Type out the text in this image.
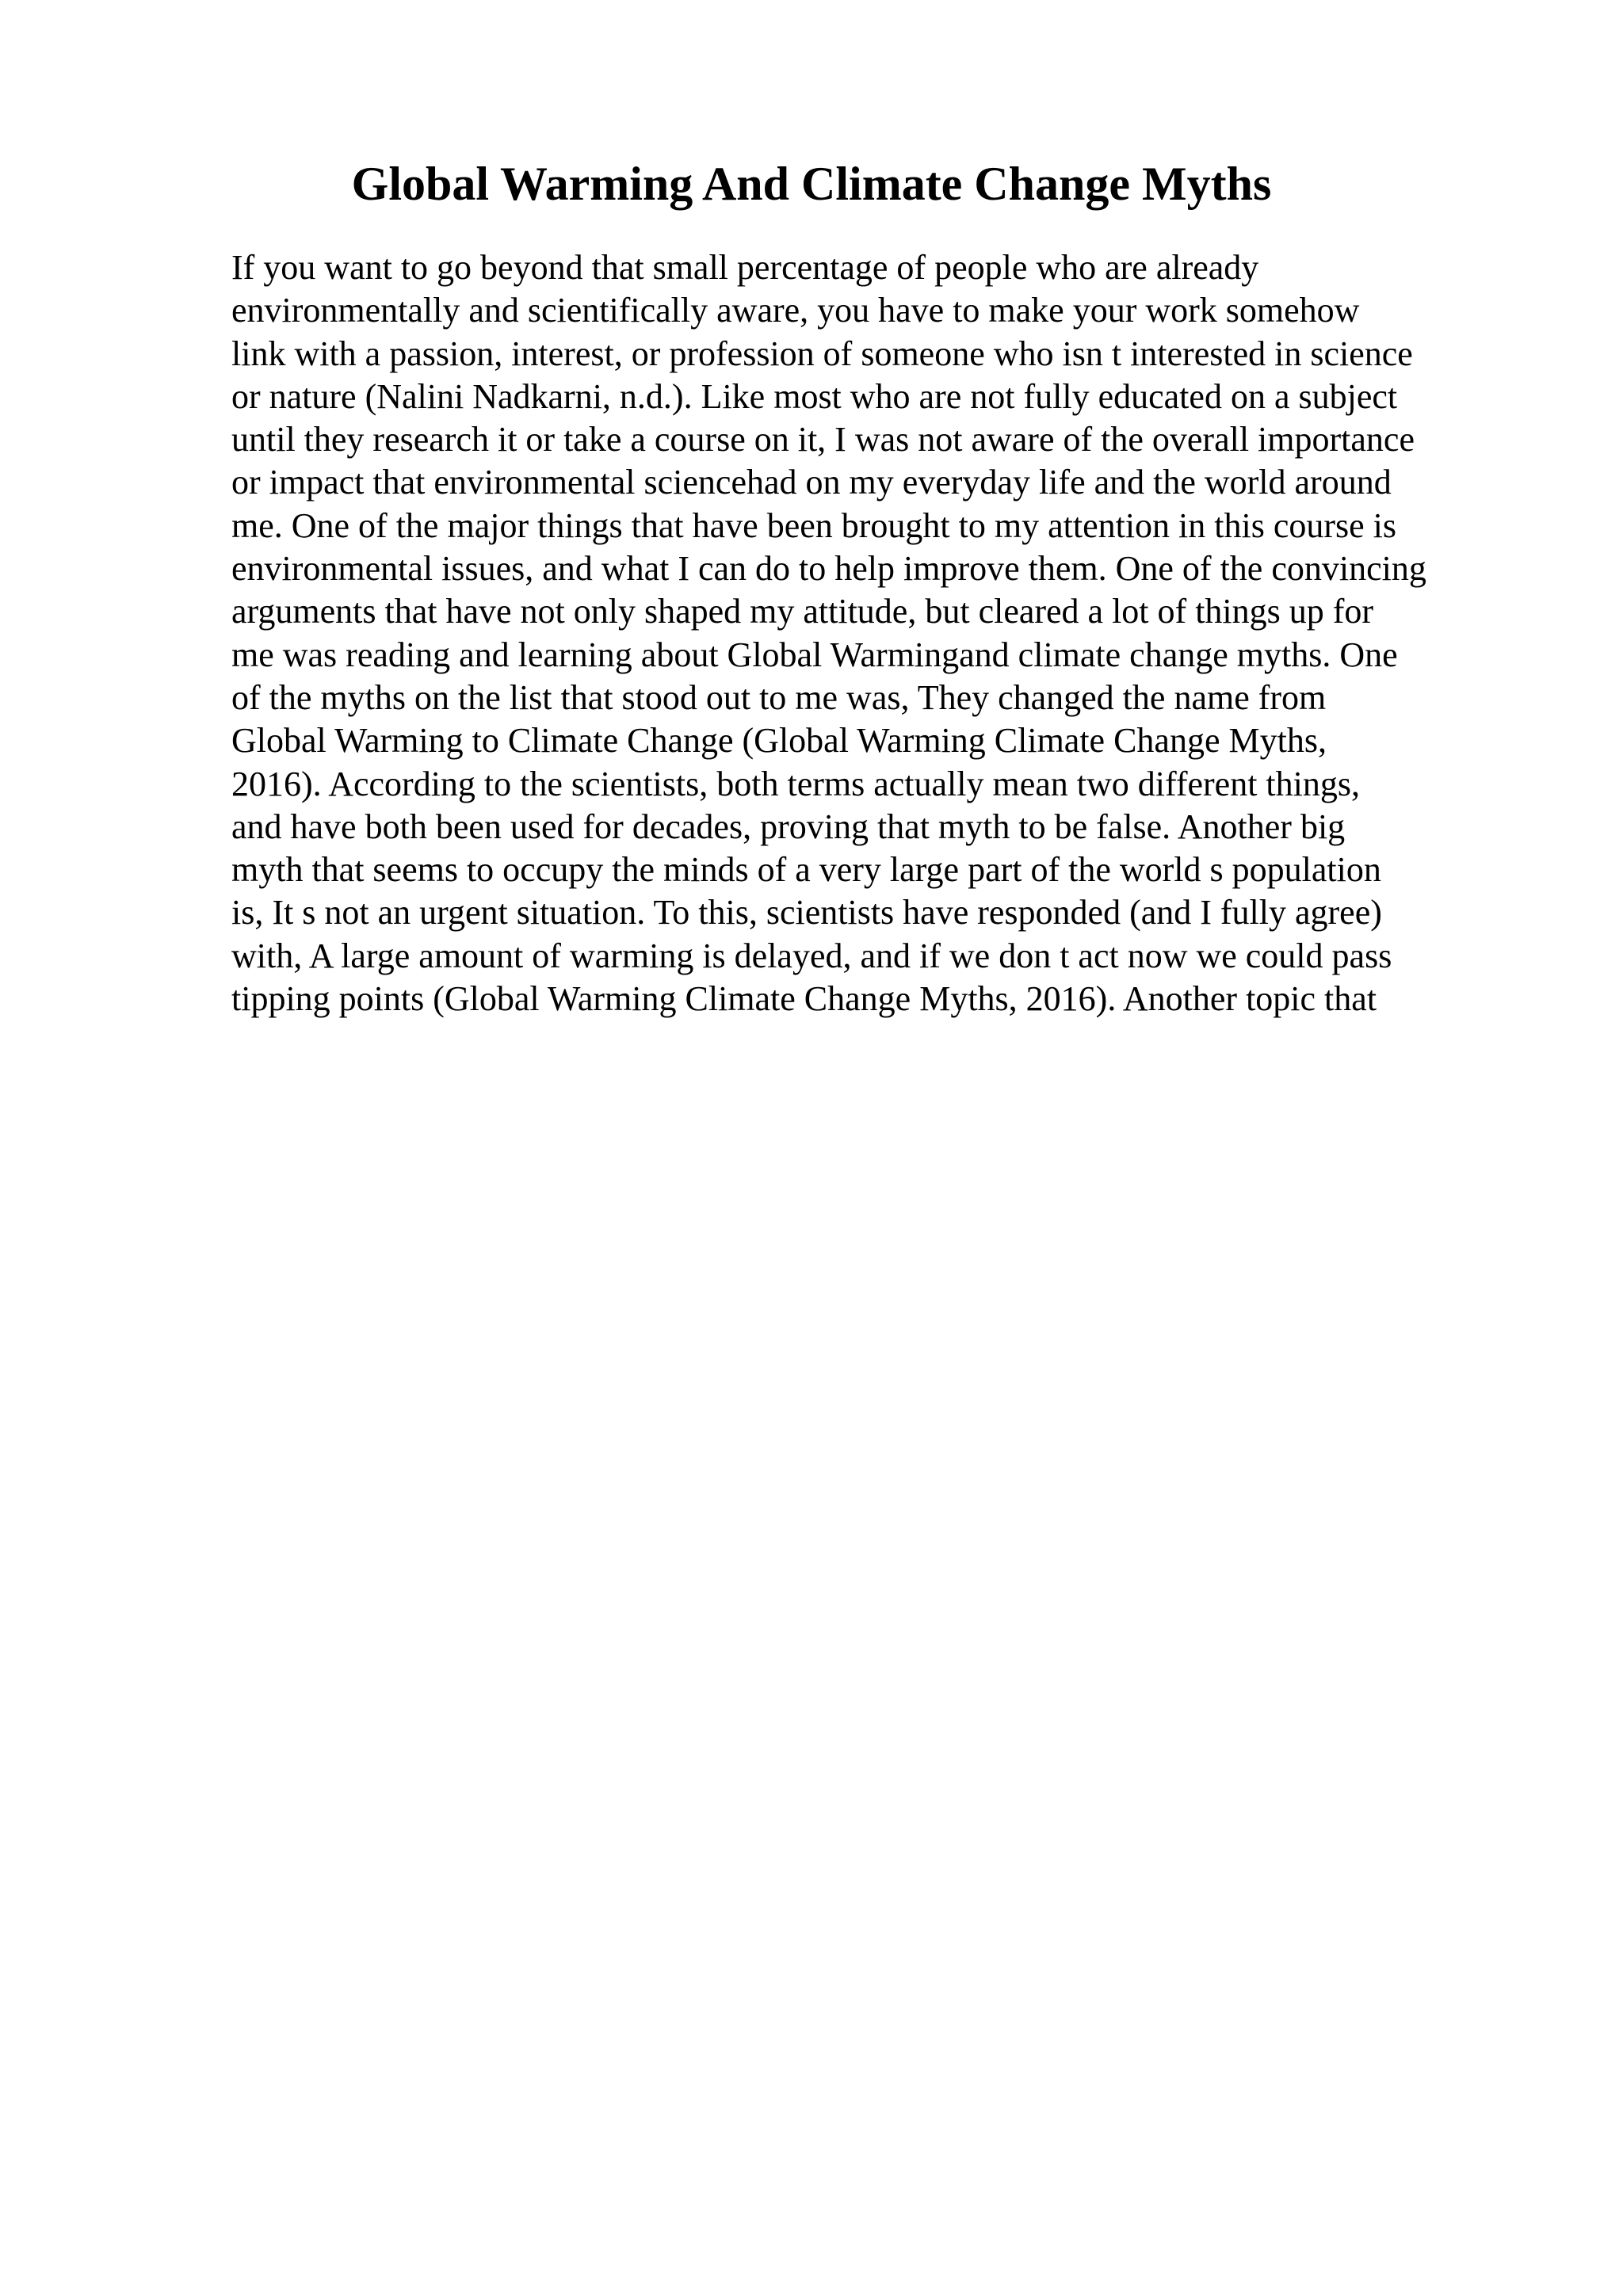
Global Warming And Climate Change Myths
If you want to go beyond that small percentage of people who are already
environmentally and scientifically aware, you have to make your work somehow
link with a passion, interest, or profession of someone who isn t interested in science
or nature (Nalini Nadkarni, n.d.). Like most who are not fully educated on a subject
until they research it or take a course on it, I was not aware of the overall importance
or impact that environmental sciencehad on my everyday life and the world around
me. One of the major things that have been brought to my attention in this course is
environmental issues, and what I can do to help improve them. One of the convincing
arguments that have not only shaped my attitude, but cleared a lot of things up for
me was reading and learning about Global Warmingand climate change myths. One
of the myths on the list that stood out to me was, They changed the name from
Global Warming to Climate Change (Global Warming Climate Change Myths,
2016). According to the scientists, both terms actually mean two different things,
and have both been used for decades, proving that myth to be false. Another big
myth that seems to occupy the minds of a very large part of the world s population
is, It s not an urgent situation. To this, scientists have responded (and I fully agree)
with, A large amount of warming is delayed, and if we don t act now we could pass
tipping points (Global Warming Climate Change Myths, 2016). Another topic that
